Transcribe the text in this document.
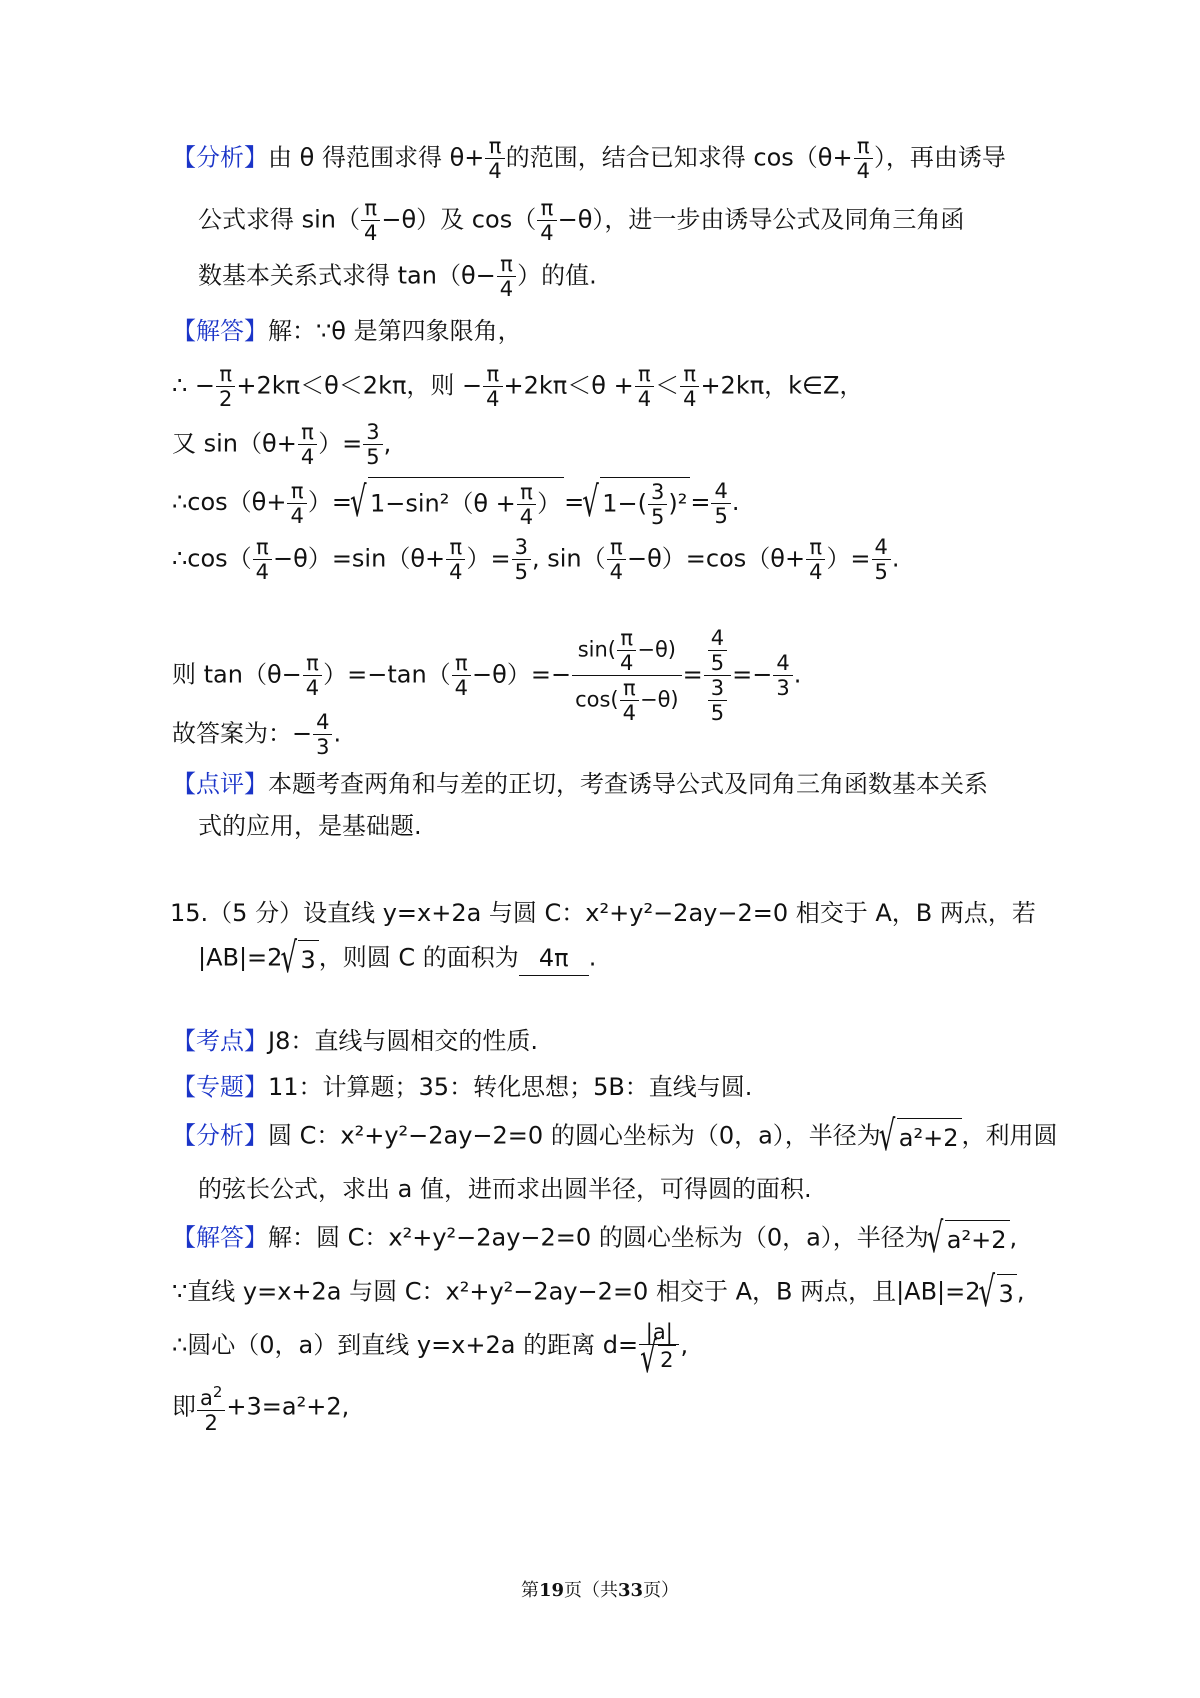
【分析】由 θ 得范围求得 $\theta+ \frac{\pi}{4}$ 的范围，结合已知求得 $\cos(\theta+ \frac{\pi}{4}$ ），再由诱导
公式求得 $\sin( \frac{\pi}{4} -\theta)$及 $\cos( \frac{\pi}{4} -\theta)$，进一步由诱导公式及同角三角函
数基本关系式求得 $\tan(\theta- \frac{\pi}{4}$ ）的值.
【解答】解：∵θ 是第四象限角，
∴ − $\frac{\pi}{2} +2k\pi<\theta<2k\pi$，则 − $\frac{\pi}{4} +2k\pi<\theta + \frac{\pi}{4} < \frac{\pi}{4} +2k\pi$，k∈Z，
又 $\sin(\theta+ \frac{\pi}{4}$ ）= $\frac{3}{5}$ ,
∴cos（θ+ $\frac{\pi}{4}$ ）= √ $1-\sin^2(\theta + \frac{\pi}{4}$ ） = √ $1-( \frac{3}{5} )^2 = \frac{4}{5}$ .
∴cos（ $\frac{\pi}{4} -\theta)=\sin(\theta+ \frac{\pi}{4}$ ）= $\frac{3}{5}$ , $\sin( \frac{\pi}{4} -\theta)=\cos(\theta+ \frac{\pi}{4}$ ）= $\frac{4}{5}$ .
则 $\tan(\theta- \frac{\pi}{4} )=-\tan( \frac{\pi}{4} -\theta)=- \frac{\sin( \frac{\pi}{4} -\theta)}{\cos( \frac{\pi}{4} -\theta)} = \frac{\frac{4}{5}}{\frac{3}{5}} =- \frac{4}{3}$ .
故答案为：− $\frac{4}{3}$ .
【点评】本题考查两角和与差的正切，考查诱导公式及同角三角函数基本关系
式的应用，是基础题.
15.（5 分）设直线 y=x+2a 与圆 C：x²+y²−2ay−2=0 相交于 A，B 两点，若
|AB|=2 √ 3 ，则圆 C 的面积为 4π .
【考点】J8：直线与圆相交的性质.
【专题】11：计算题；35：转化思想；5B：直线与圆.
【分析】圆 C：x²+y²−2ay−2=0 的圆心坐标为（0，a），半径为 √ a²+2 ，利用圆
的弦长公式，求出 a 值，进而求出圆半径，可得圆的面积.
【解答】解：圆 C：x²+y²−2ay−2=0 的圆心坐标为（0，a），半径为 √ a²+2 ,
∵直线 y=x+2a 与圆 C：x²+y²−2ay−2=0 相交于 A，B 两点，且|AB|=2 √ 3 ,
∴圆心（0，a）到直线 y=x+2a 的距离 d= |a|
√ 2 ,
即 $\frac{a^2}{2} +3=a^2+2$,
第19页（共33页）
